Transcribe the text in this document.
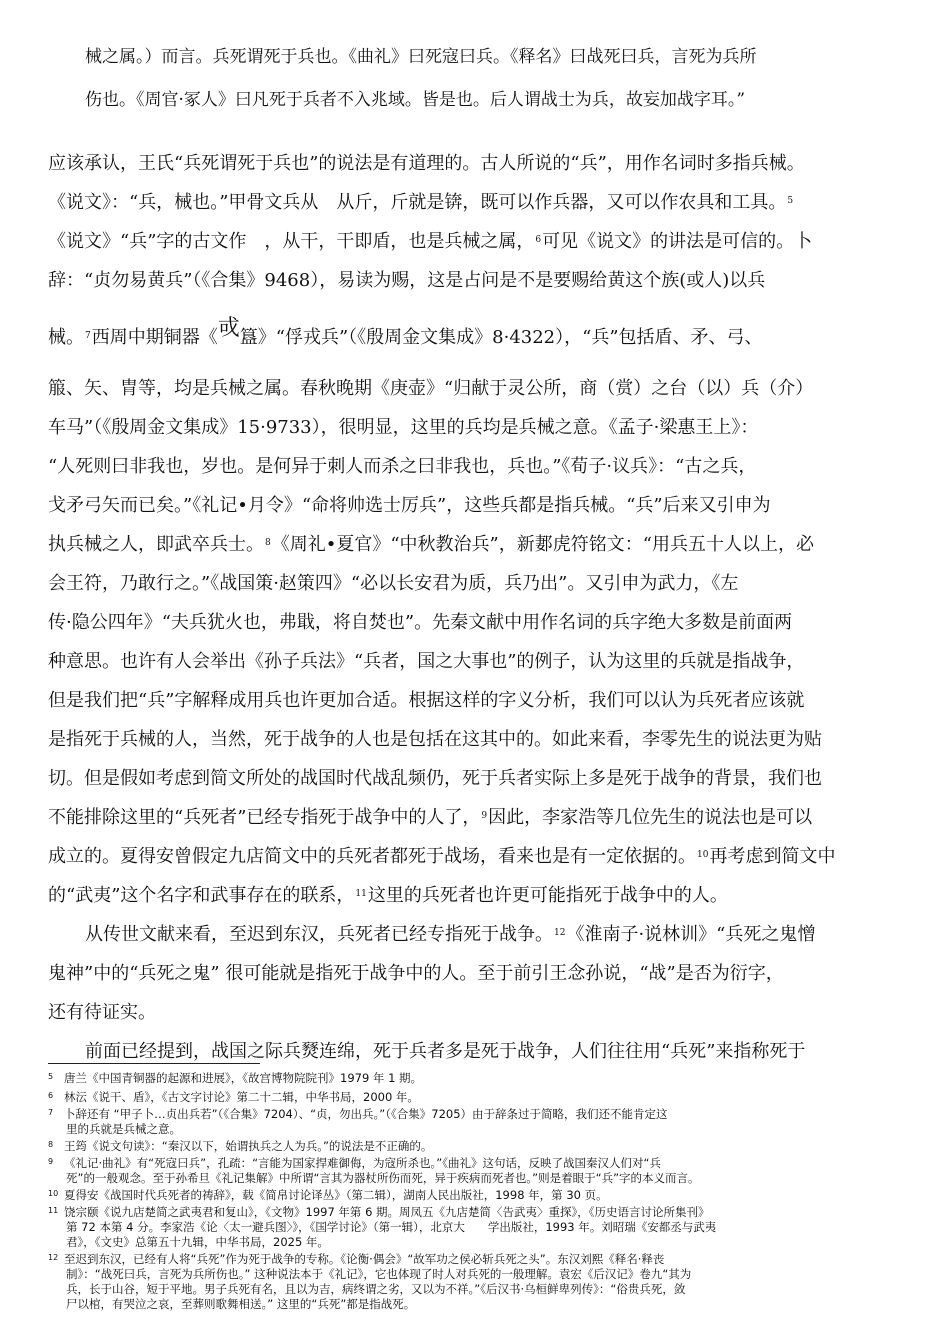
械之属。）而言。兵死谓死于兵也。《曲礼》曰死寇曰兵。《释名》曰战死曰兵，言死为兵所
伤也。《周官·冢人》曰凡死于兵者不入兆域。皆是也。后人谓战士为兵，故妄加战字耳。”
应该承认，王氏“兵死谓死于兵也”的说法是有道理的。古人所说的“兵”，用作名词时多指兵械。
《说文》：“兵，械也。”甲骨文兵从　从斤，斤就是锛，既可以作兵器，又可以作农具和工具。$^5$
《说文》“兵”字的古文作　，从干，干即盾，也是兵械之属，$^6$可见《说文》的讲法是可信的。卜
辞：“贞勿易黄兵”（《合集》9468），易读为赐，这是占问是不是要赐给黄这个族(或人)以兵
械。$^7$西周中期铜器《戓簋》“俘戎兵”（《殷周金文集成》8·4322），“兵”包括盾、矛、弓、
箙、矢、胄等，均是兵械之属。春秋晚期《庚壶》“归献于灵公所，商（赏）之台（以）兵（介）
车马”（《殷周金文集成》15·9733），很明显，这里的兵均是兵械之意。《孟子·梁惠王上》：
“人死则曰非我也，岁也。是何异于刺人而杀之曰非我也，兵也。”《荀子·议兵》：“古之兵，
戈矛弓矢而已矣。”《礼记•月令》“命将帅选士厉兵”，这些兵都是指兵械。“兵”后来又引申为
执兵械之人，即武卒兵士。$^8$《周礼•夏官》“中秋教治兵”，新郪虎符铭文：“用兵五十人以上，必
会王符，乃敢行之。”《战国策·赵策四》“必以长安君为质，兵乃出”。又引申为武力，《左
传·隐公四年》“夫兵犹火也，弗戢，将自焚也”。先秦文献中用作名词的兵字绝大多数是前面两
种意思。也许有人会举出《孙子兵法》“兵者，国之大事也”的例子，认为这里的兵就是指战争，
但是我们把“兵”字解释成用兵也许更加合适。根据这样的字义分析，我们可以认为兵死者应该就
是指死于兵械的人，当然，死于战争的人也是包括在这其中的。如此来看，李零先生的说法更为贴
切。但是假如考虑到简文所处的战国时代战乱频仍，死于兵者实际上多是死于战争的背景，我们也
不能排除这里的“兵死者”已经专指死于战争中的人了，$^9$因此，李家浩等几位先生的说法也是可以
成立的。夏得安曾假定九店简文中的兵死者都死于战场，看来也是有一定依据的。$^{10}$再考虑到简文中
的“武夷”这个名字和武事存在的联系，$^{11}$这里的兵死者也许更可能指死于战争中的人。
从传世文献来看，至迟到东汉，兵死者已经专指死于战争。$^{12}$《淮南子·说林训》“兵死之鬼憎
鬼神”中的“兵死之鬼” 很可能就是指死于战争中的人。至于前引王念孙说，“战”是否为衍字，
还有待证实。
前面已经提到，战国之际兵燹连绵，死于兵者多是死于战争，人们往往用“兵死”来指称死于
5 唐兰《中国青铜器的起源和进展》，《故宫博物院院刊》1979 年 1 期。
6 林沄《说干、盾》，《古文字讨论》第二十二辑，中华书局，2000 年。
7 卜辞还有 “甲子卜…贞出兵若”（《合集》7204）、“贞，勿出兵。”（《合集》7205）由于辞条过于简略，我们还不能肯定这
里的兵就是兵械之意。
8 王筠《说文句读》：“秦汉以下，始谓执兵之人为兵。”的说法是不正确的。
9 《礼记·曲礼》有“死寇曰兵”，孔疏：“言能为国家捍难御侮，为寇所杀也。”《曲礼》这句话，反映了战国秦汉人们对“兵
死”的一般观念。至于孙希旦《礼记集解》中所谓“言其为器杖所伤而死，异于疾病而死者也。”则是着眼于“兵”字的本义而言。
10 夏得安《战国时代兵死者的祷辞》，载《简帛讨论译丛》（第二辑），湖南人民出版社，1998 年，第 30 页。
11 饶宗颐《说九店楚简之武夷君和复山》，《文物》1997 年第 6 期。周凤五《九店楚简〈告武夷〉重探》，《历史语言讨论所集刊》
第 72 本第 4 分。李家浩《论〈太一避兵图〉》，《国学讨论》（第一辑），北京大　　学出版社，1993 年。刘昭瑞《安都丞与武夷
君》，《文史》总第五十九辑，中华书局，2025 年。
12 至迟到东汉，已经有人将“兵死”作为死于战争的专称。《论衡·偶会》“故军功之侯必斩兵死之头”。东汉刘熙《释名·释丧
制》：“战死曰兵，言死为兵所伤也。” 这种说法本于《礼记》，它也体现了时人对兵死的一般理解。袁宏《后汉记》卷九“其为
兵，长于山谷，短于平地。男子兵死有名，且以为吉，病终谓之劣，又以为不祥。”《后汉书·乌桓鲜卑列传》：“俗贵兵死，敛
尸以棺，有哭泣之哀，至葬则歌舞相送。” 这里的“兵死”都是指战死。
